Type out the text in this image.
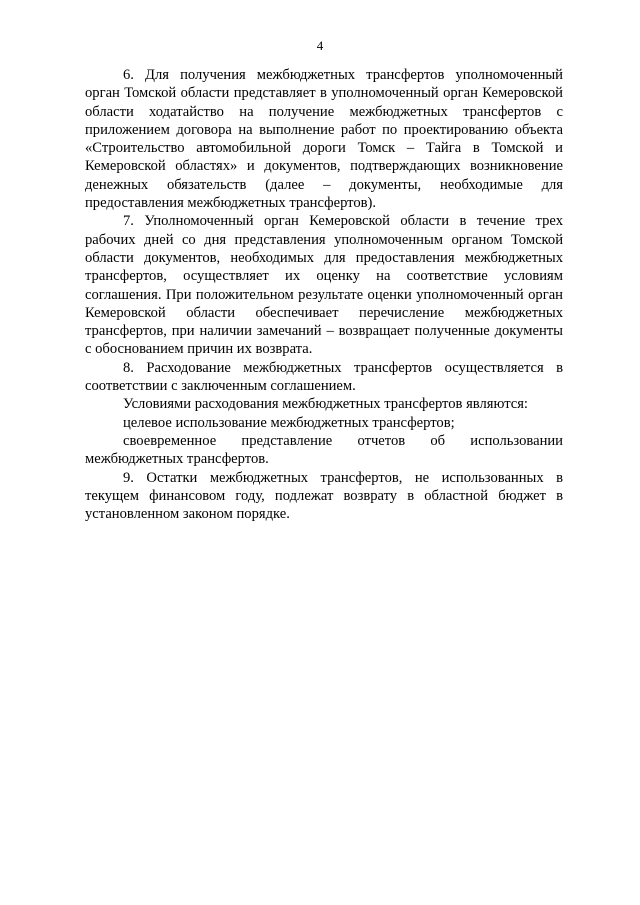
4

6. Для получения межбюджетных трансфертов уполномоченный орган Томской области представляет в уполномоченный орган Кемеровской области ходатайство на получение межбюджетных трансфертов с приложением договора на выполнение работ по проектированию объекта «Строительство автомобильной дороги Томск – Тайга в Томской и Кемеровской областях» и документов, подтверждающих возникновение денежных обязательств (далее – документы, необходимые для предоставления межбюджетных трансфертов).

7. Уполномоченный орган Кемеровской области в течение трех рабочих дней со дня представления уполномоченным органом Томской области документов, необходимых для предоставления межбюджетных трансфертов, осуществляет их оценку на соответствие условиям соглашения. При положительном результате оценки уполномоченный орган Кемеровской области обеспечивает перечисление межбюджетных трансфертов, при наличии замечаний – возвращает полученные документы с обоснованием причин их возврата.

8. Расходование межбюджетных трансфертов осуществляется в соответствии с заключенным соглашением.

Условиями расходования межбюджетных трансфертов являются:

целевое использование межбюджетных трансфертов;

своевременное представление отчетов об использовании межбюджетных трансфертов.

9. Остатки межбюджетных трансфертов, не использованных в текущем финансовом году, подлежат возврату в областной бюджет в установленном законом порядке.
